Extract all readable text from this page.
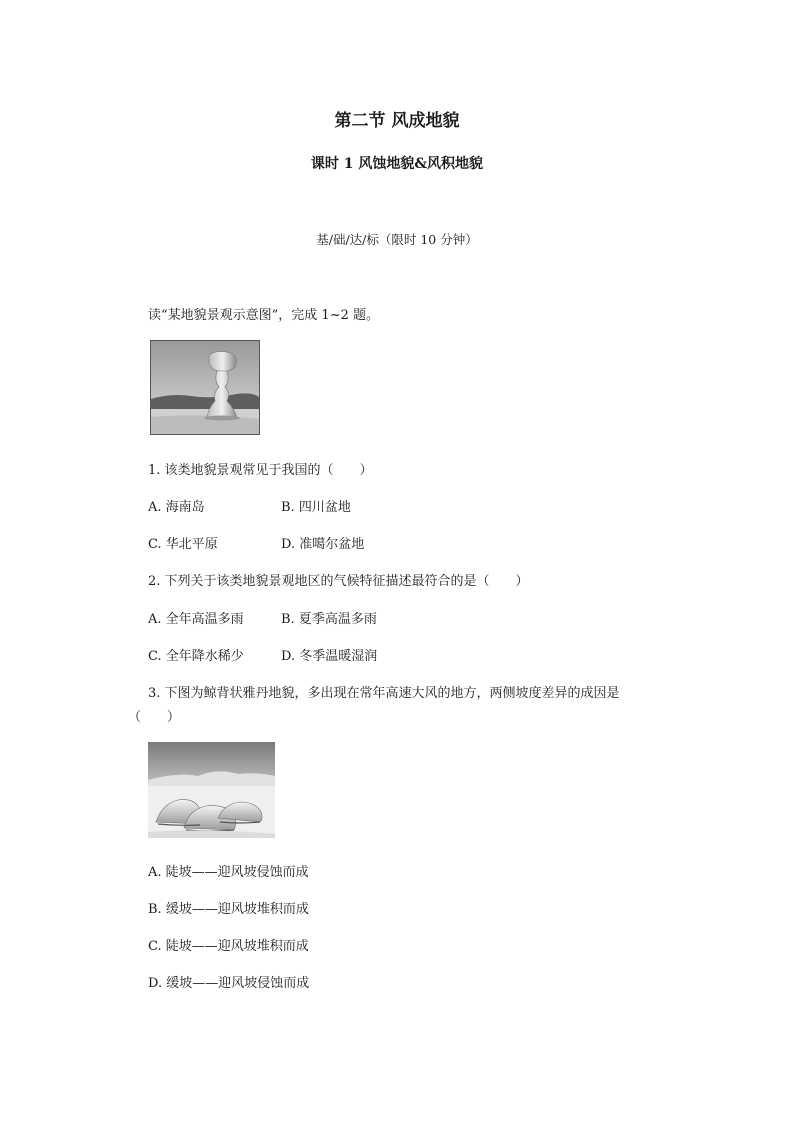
第二节 风成地貌
课时 1 风蚀地貌&风积地貌
基/础/达/标（限时 10 分钟）
读“某地貌景观示意图”，完成 1~2 题。
1. 该类地貌景观常见于我国的（　　）
A. 海南岛	B. 四川盆地
C. 华北平原	D. 准噶尔盆地
2. 下列关于该类地貌景观地区的气候特征描述最符合的是（　　）
A. 全年高温多雨	B. 夏季高温多雨
C. 全年降水稀少	D. 冬季温暖湿润
3. 下图为鲸背状雅丹地貌，多出现在常年高速大风的地方，两侧坡度差异的成因是
（　　）
A. 陡坡——迎风坡侵蚀而成
B. 缓坡——迎风坡堆积而成
C. 陡坡——迎风坡堆积而成
D. 缓坡——迎风坡侵蚀而成
